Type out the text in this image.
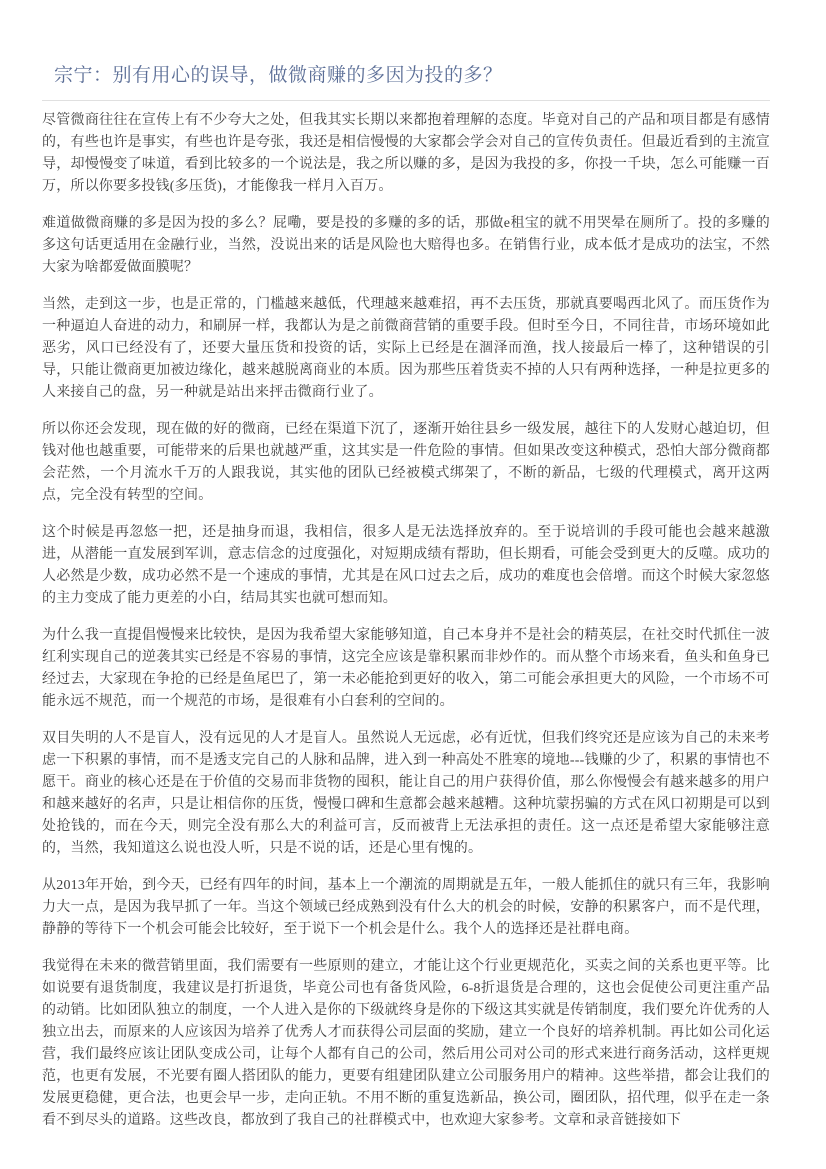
宗宁：别有用心的误导，做微商赚的多因为投的多？

尽管微商往往在宣传上有不少夸大之处，但我其实长期以来都抱着理解的态度。毕竟对自己的产品和项目都是有感情的，有些也许是事实，有些也许是夸张，我还是相信慢慢的大家都会学会对自己的宣传负责任。但最近看到的主流宣导，却慢慢变了味道，看到比较多的一个说法是，我之所以赚的多，是因为我投的多，你投一千块，怎么可能赚一百万，所以你要多投钱(多压货)，才能像我一样月入百万。

难道做微商赚的多是因为投的多么？屁嘞，要是投的多赚的多的话，那做e租宝的就不用哭晕在厕所了。投的多赚的多这句话更适用在金融行业，当然，没说出来的话是风险也大赔得也多。在销售行业，成本低才是成功的法宝，不然大家为啥都爱做面膜呢？

当然，走到这一步，也是正常的，门槛越来越低，代理越来越难招，再不去压货，那就真要喝西北风了。而压货作为一种逼迫人奋进的动力，和刷屏一样，我都认为是之前微商营销的重要手段。但时至今日，不同往昔，市场环境如此恶劣，风口已经没有了，还要大量压货和投资的话，实际上已经是在涸泽而渔，找人接最后一棒了，这种错误的引导，只能让微商更加被边缘化，越来越脱离商业的本质。因为那些压着货卖不掉的人只有两种选择，一种是拉更多的人来接自己的盘，另一种就是站出来抨击微商行业了。

所以你还会发现，现在做的好的微商，已经在渠道下沉了，逐渐开始往县乡一级发展，越往下的人发财心越迫切，但钱对他也越重要，可能带来的后果也就越严重，这其实是一件危险的事情。但如果改变这种模式，恐怕大部分微商都会茫然，一个月流水千万的人跟我说，其实他的团队已经被模式绑架了，不断的新品，七级的代理模式，离开这两点，完全没有转型的空间。

这个时候是再忽悠一把，还是抽身而退，我相信，很多人是无法选择放弃的。至于说培训的手段可能也会越来越激进，从潜能一直发展到军训，意志信念的过度强化，对短期成绩有帮助，但长期看，可能会受到更大的反噬。成功的人必然是少数，成功必然不是一个速成的事情，尤其是在风口过去之后，成功的难度也会倍增。而这个时候大家忽悠的主力变成了能力更差的小白，结局其实也就可想而知。

为什么我一直提倡慢慢来比较快，是因为我希望大家能够知道，自己本身并不是社会的精英层，在社交时代抓住一波红利实现自己的逆袭其实已经是不容易的事情，这完全应该是靠积累而非炒作的。而从整个市场来看，鱼头和鱼身已经过去，大家现在争抢的已经是鱼尾巴了，第一未必能抢到更好的收入，第二可能会承担更大的风险，一个市场不可能永远不规范，而一个规范的市场，是很难有小白套利的空间的。

双目失明的人不是盲人，没有远见的人才是盲人。虽然说人无远虑，必有近忧，但我们终究还是应该为自己的未来考虑一下积累的事情，而不是透支完自己的人脉和品牌，进入到一种高处不胜寒的境地---钱赚的少了，积累的事情也不愿干。商业的核心还是在于价值的交易而非货物的囤积，能让自己的用户获得价值，那么你慢慢会有越来越多的用户和越来越好的名声，只是让相信你的压货，慢慢口碑和生意都会越来越糟。这种坑蒙拐骗的方式在风口初期是可以到处抢钱的，而在今天，则完全没有那么大的利益可言，反而被背上无法承担的责任。这一点还是希望大家能够注意的，当然，我知道这么说也没人听，只是不说的话，还是心里有愧的。

从2013年开始，到今天，已经有四年的时间，基本上一个潮流的周期就是五年，一般人能抓住的就只有三年，我影响力大一点，是因为我早抓了一年。当这个领域已经成熟到没有什么大的机会的时候，安静的积累客户，而不是代理，静静的等待下一个机会可能会比较好，至于说下一个机会是什么。我个人的选择还是社群电商。

我觉得在未来的微营销里面，我们需要有一些原则的建立，才能让这个行业更规范化，买卖之间的关系也更平等。比如说要有退货制度，我建议是打折退货，毕竟公司也有备货风险，6-8折退货是合理的，这也会促使公司更注重产品的动销。比如团队独立的制度，一个人进入是你的下级就终身是你的下级这其实就是传销制度，我们要允许优秀的人独立出去，而原来的人应该因为培养了优秀人才而获得公司层面的奖励，建立一个良好的培养机制。再比如公司化运营，我们最终应该让团队变成公司，让每个人都有自己的公司，然后用公司对公司的形式来进行商务活动，这样更规范，也更有发展，不光要有圈人搭团队的能力，更要有组建团队建立公司服务用户的精神。这些举措，都会让我们的发展更稳健，更合法，也更会早一步，走向正轨。不用不断的重复选新品，换公司，圈团队，招代理，似乎在走一条看不到尽头的道路。这些改良，都放到了我自己的社群模式中，也欢迎大家参考。文章和录音链接如下
